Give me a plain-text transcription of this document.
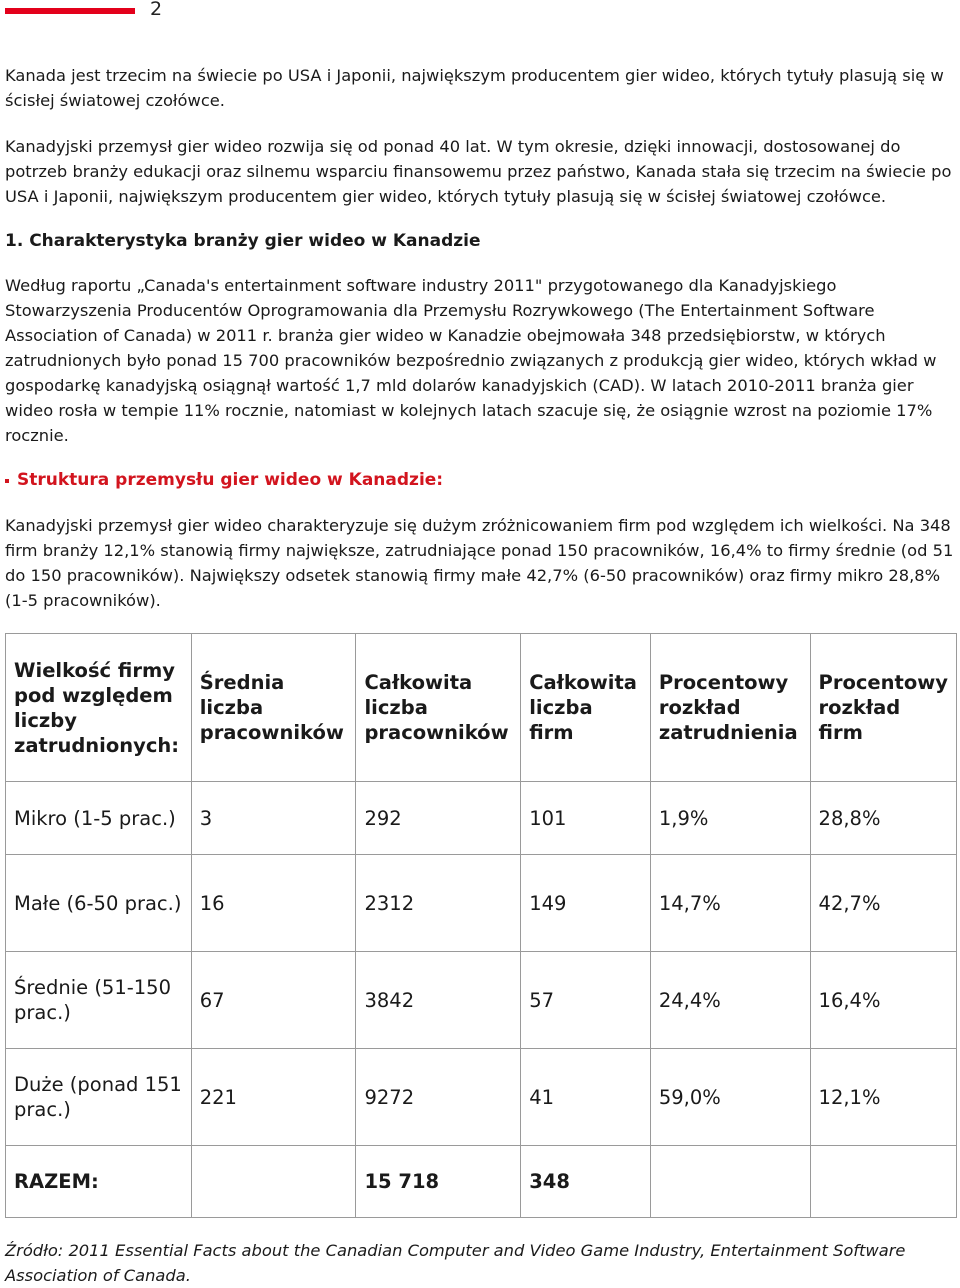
2

Kanada jest trzecim na świecie po USA i Japonii, największym producentem gier wideo, których tytuły plasują się w ścisłej światowej czołówce.

Kanadyjski przemysł gier wideo rozwija się od ponad 40 lat. W tym okresie, dzięki innowacji, dostosowanej do potrzeb branży edukacji oraz silnemu wsparciu finansowemu przez państwo, Kanada stała się trzecim na świecie po USA i Japonii, największym producentem gier wideo, których tytuły plasują się w ścisłej światowej czołówce.

1. Charakterystyka branży gier wideo w Kanadzie

Według raportu „Canada's entertainment software industry 2011" przygotowanego dla Kanadyjskiego Stowarzyszenia Producentów Oprogramowania dla Przemysłu Rozrywkowego (The Entertainment Software Association of Canada) w 2011 r. branża gier wideo w Kanadzie obejmowała 348 przedsiębiorstw, w których zatrudnionych było ponad 15 700 pracowników bezpośrednio związanych z produkcją gier wideo, których wkład w gospodarkę kanadyjską osiągnął wartość 1,7 mld dolarów kanadyjskich (CAD). W latach 2010-2011 branża gier wideo rosła w tempie 11% rocznie, natomiast w kolejnych latach szacuje się, że osiągnie wzrost na poziomie 17% rocznie.

Struktura przemysłu gier wideo w Kanadzie:

Kanadyjski przemysł gier wideo charakteryzuje się dużym zróżnicowaniem firm pod względem ich wielkości. Na 348 firm branży 12,1% stanowią firmy największe, zatrudniające ponad 150 pracowników, 16,4% to firmy średnie (od 51 do 150 pracowników). Największy odsetek stanowią firmy małe 42,7% (6-50 pracowników) oraz firmy mikro 28,8% (1-5 pracowników).

Wielkość firmy pod względem liczby zatrudnionych:	Średnia liczba pracowników	Całkowita liczba pracowników	Całkowita liczba firm	Procentowy rozkład zatrudnienia	Procentowy rozkład firm
Mikro (1-5 prac.)	3	292	101	1,9%	28,8%
Małe (6-50 prac.)	16	2312	149	14,7%	42,7%
Średnie (51-150 prac.)	67	3842	57	24,4%	16,4%
Duże (ponad 151 prac.)	221	9272	41	59,0%	12,1%
RAZEM:		15 718	348		

Źródło: 2011 Essential Facts about the Canadian Computer and Video Game Industry, Entertainment Software Association of Canada.
